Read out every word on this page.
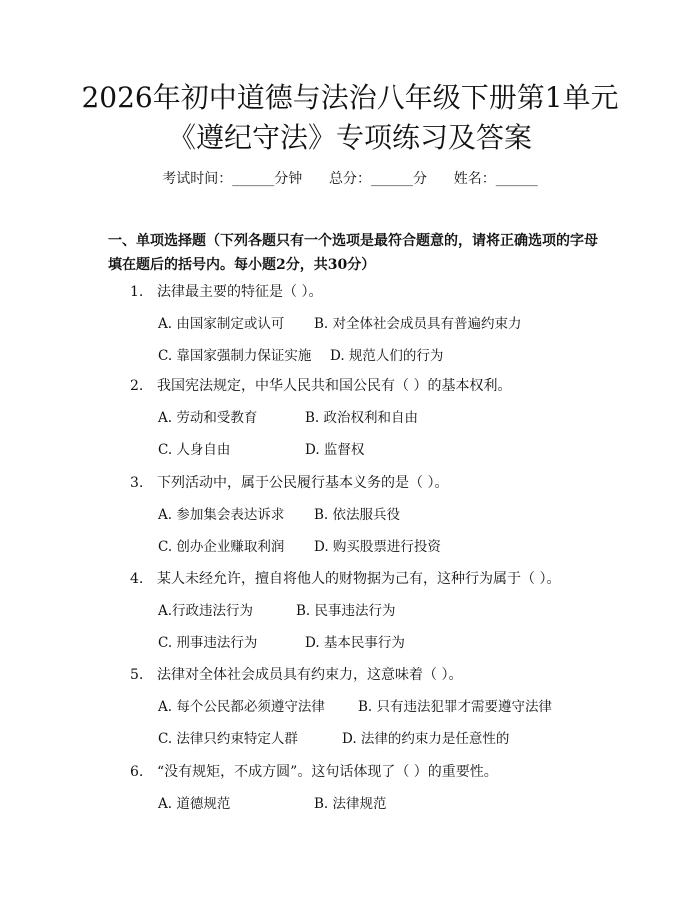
2026年初中道德与法治八年级下册第1单元
《遵纪守法》专项练习及答案
考试时间：______分钟      总分：______分      姓名：______
一、单项选择题（下列各题只有一个选项是最符合题意的，请将正确选项的字母填在题后的括号内。每小题2分，共30分）
1. 法律最主要的特征是（ ）。
A. 由国家制定或认可 B. 对全体社会成员具有普遍约束力
C. 靠国家强制力保证实施 D. 规范人们的行为
2. 我国宪法规定，中华人民共和国公民有（ ）的基本权利。
A. 劳动和受教育	B. 政治权利和自由
C. 人身自由	D. 监督权
3. 下列活动中，属于公民履行基本义务的是（ ）。
A. 参加集会表达诉求 B. 依法服兵役
C. 创办企业赚取利润 D. 购买股票进行投资
4. 某人未经允许，擅自将他人的财物据为己有，这种行为属于（ ）。
A.行政违法行为	B. 民事违法行为
C. 刑事违法行为	D. 基本民事行为
5. 法律对全体社会成员具有约束力，这意味着（ ）。
A. 每个公民都必须遵守法律 B. 只有违法犯罪才需要遵守法律
C. 法律只约束特定人群	D. 法律的约束力是任意性的
6. “没有规矩，不成方圆”。这句话体现了（ ）的重要性。
A. 道德规范	B. 法律规范
